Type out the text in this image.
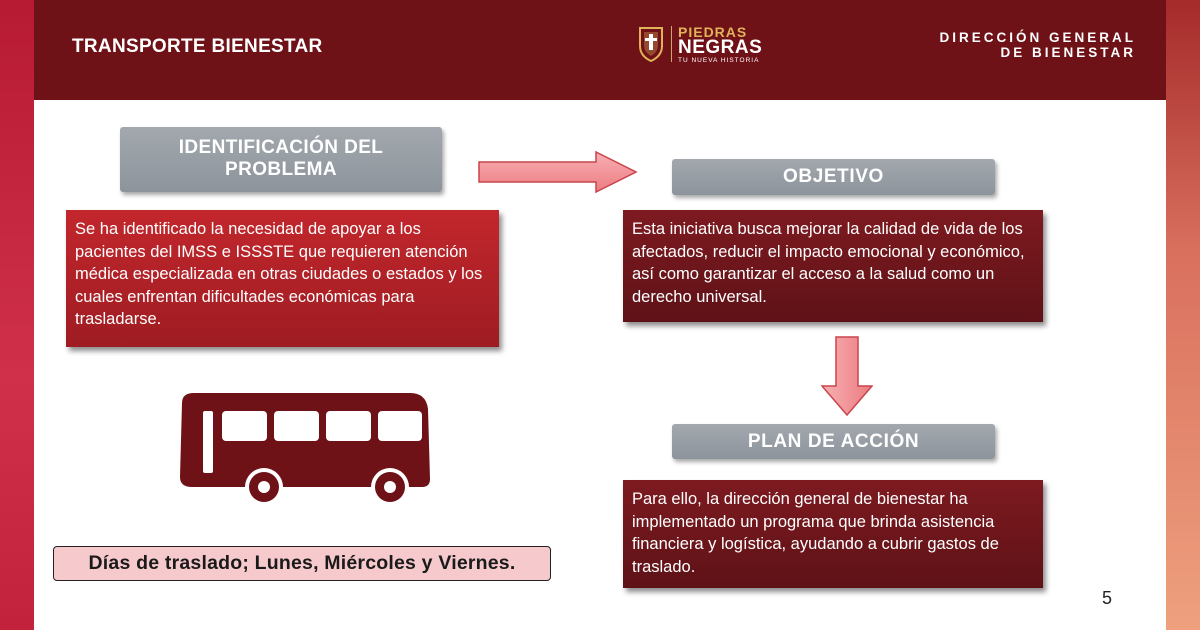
TRANSPORTE BIENESTAR
PIEDRAS
NEGRAS
TU NUEVA HISTORIA
DIRECCIÓN GENERAL
DE BIENESTAR
IDENTIFICACIÓN DEL
PROBLEMA
Se ha identificado la necesidad de apoyar a los pacientes del IMSS e ISSSTE que requieren atención médica especializada en otras ciudades o estados y los cuales enfrentan dificultades económicas para trasladarse.
OBJETIVO
Esta iniciativa busca mejorar la calidad de vida de los afectados, reducir el impacto emocional y económico, así como garantizar el acceso a la salud como un derecho universal.
PLAN DE ACCIÓN
Para ello, la dirección general de bienestar ha implementado un programa que brinda asistencia financiera y logística, ayudando a cubrir gastos de traslado.
Días de traslado; Lunes, Miércoles y Viernes.
5
